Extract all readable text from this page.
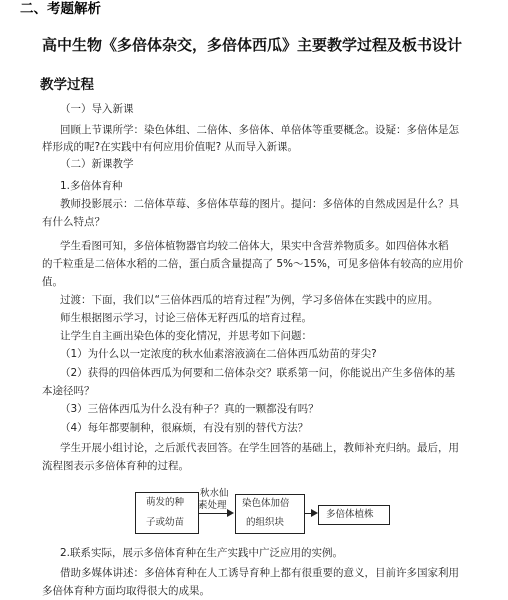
二、考题解析
高中生物《多倍体杂交，多倍体西瓜》主要教学过程及板书设计
教学过程
（一）导入新课
回顾上节课所学：染色体组、二倍体、多倍体、单倍体等重要概念。设疑：多倍体是怎
样形成的呢?在实践中有何应用价值呢? 从而导入新课。
（二）新课教学
1.多倍体育种
教师投影展示：二倍体草莓、多倍体草莓的图片。提问：多倍体的自然成因是什么？具
有什么特点？
学生看图可知，多倍体植物器官均较二倍体大，果实中含营养物质多。如四倍体水稻
的千粒重是二倍体水稻的二倍，蛋白质含量提高了 5%～15%，可见多倍体有较高的应用价
值。
过渡：下面，我们以“三倍体西瓜的培育过程”为例，学习多倍体在实践中的应用。
师生根据图示学习，讨论三倍体无籽西瓜的培育过程。
让学生自主画出染色体的变化情况，并思考如下问题：
（1）为什么以一定浓度的秋水仙素溶液滴在二倍体西瓜幼苗的芽尖?
（2）获得的四倍体西瓜为何要和二倍体杂交？联系第一问，你能说出产生多倍体的基
本途径吗？
（3）三倍体西瓜为什么没有种子？真的一颗都没有吗？
（4）每年都要制种，很麻烦，有没有别的替代方法？
学生开展小组讨论，之后派代表回答。在学生回答的基础上，教师补充归纳。最后，用
流程图表示多倍体育种的过程。
萌发的种
子或幼苗
秋水仙
素处理 染色体加倍
的组织块
多倍体植株
2.联系实际，展示多倍体育种在生产实践中广泛应用的实例。
借助多媒体讲述：多倍体育种在人工诱导育种上都有很重要的意义，目前许多国家利用
多倍体育种方面均取得很大的成果。
